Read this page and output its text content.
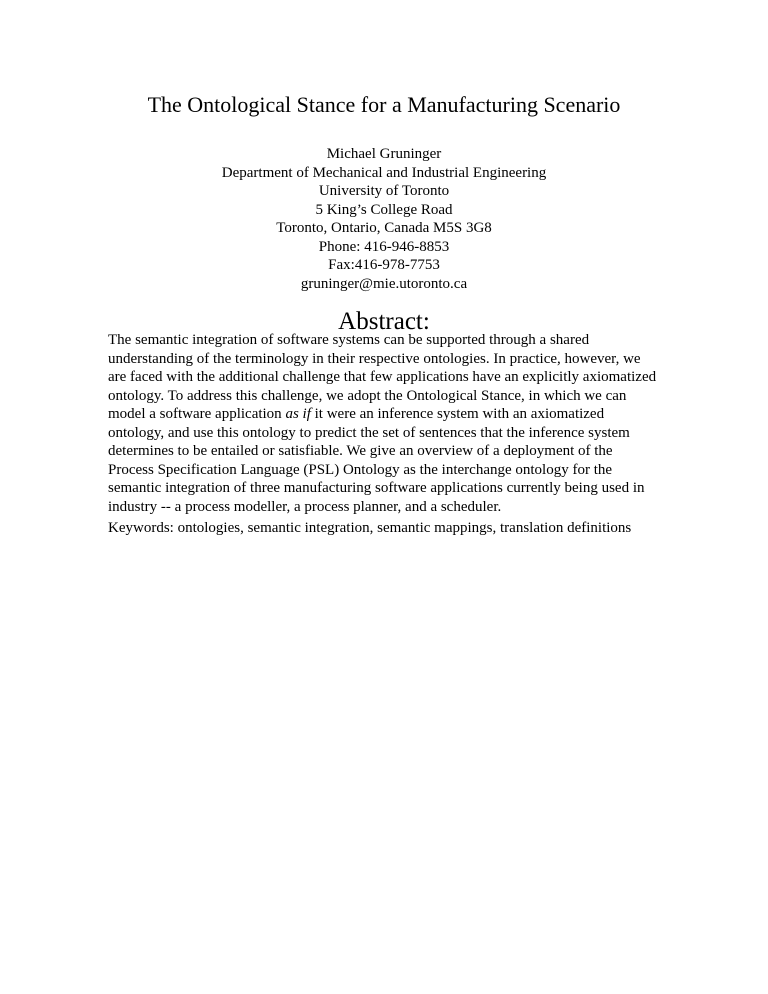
The Ontological Stance for a Manufacturing Scenario
Michael Gruninger
Department of Mechanical and Industrial Engineering
University of Toronto
5 King’s College Road
Toronto, Ontario, Canada M5S 3G8
Phone: 416-946-8853
Fax:416-978-7753
gruninger@mie.utoronto.ca
Abstract:
The semantic integration of software systems can be supported through a shared
understanding of the terminology in their respective ontologies. In practice, however, we
are faced with the additional challenge that few applications have an explicitly axiomatized
ontology. To address this challenge, we adopt the Ontological Stance, in which we can
model a software application as if it were an inference system with an axiomatized
ontology, and use this ontology to predict the set of sentences that the inference system
determines to be entailed or satisfiable. We give an overview of a deployment of the
Process Specification Language (PSL) Ontology as the interchange ontology for the
semantic integration of three manufacturing software applications currently being used in
industry -- a process modeller, a process planner, and a scheduler.

Keywords: ontologies, semantic integration, semantic mappings, translation definitions
